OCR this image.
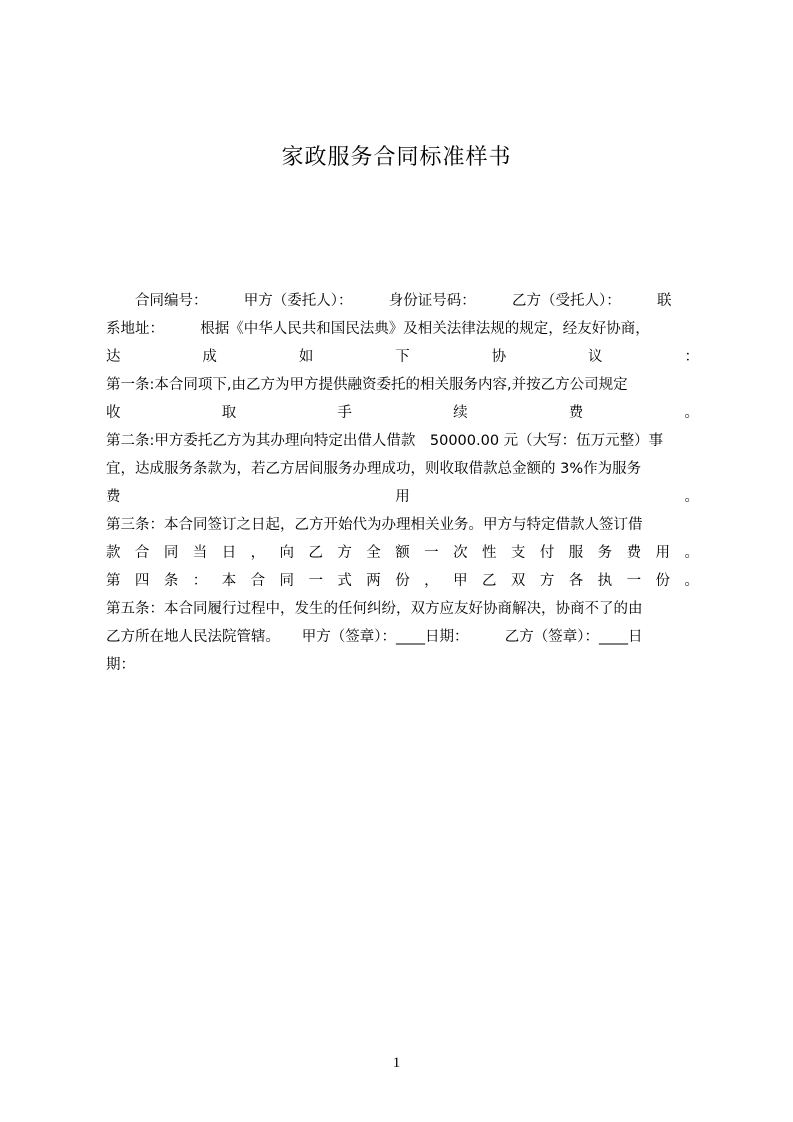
家政服务合同标准样书
　　合同编号：　　　甲方（委托人）：　　　身份证号码：　　　乙方（受托人）：　　　联
系地址：　　　根据《中华人民共和国民法典》及相关法律法规的规定，经友好协商，
达	成	如	下	协	议	：
第一条:本合同项下,由乙方为甲方提供融资委托的相关服务内容,并按乙方公司规定
收	取	手	续	费	。
第二条:甲方委托乙方为其办理向特定出借人借款　50000.00 元（大写：伍万元整）事
宜，达成服务条款为，若乙方居间服务办理成功，则收取借款总金额的 3%作为服务
费	用	。
第三条：本合同签订之日起，乙方开始代为办理相关业务。甲方与特定借款人签订借
款 合 同 当 日 ， 向 乙 方 全 额 一 次 性 支 付 服 务 费 用 。
第 四 条 ： 本 合 同 一 式 两 份 ， 甲 乙 双 方 各 执 一 份 。
第五条：本合同履行过程中，发生的任何纠纷，双方应友好协商解决，协商不了的由
乙方所在地人民法院管辖。　　甲方（签章）：____日期：　　　乙方（签章）：____日
期：
1
